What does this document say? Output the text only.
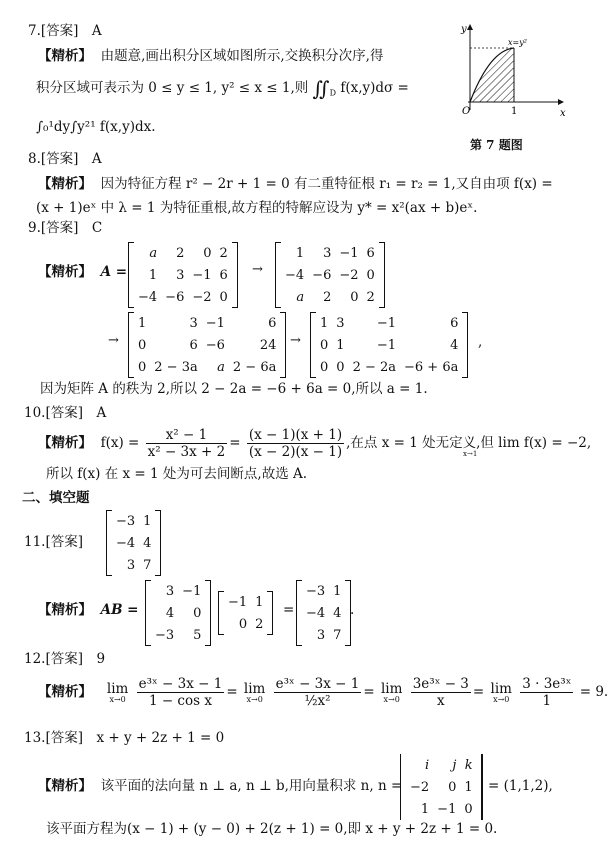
7.[答案]　A
【精析】 由题意,画出积分区域如图所示,交换积分次序,得
积分区域可表示为 0 ≤ y ≤ 1, y² ≤ x ≤ 1,则 $∬_D$ f(x,y)dσ =
∫₀¹dy∫y²¹ f(x,y)dx.
y
x
O	1
x=y²
第 7 题图
8.[答案]　A
【精析】 因为特征方程 r² − 2r + 1 = 0 有二重特征根 r₁ = r₂ = 1,又自由项 f(x) =
(x + 1)eˣ 中 λ = 1 为特征重根,故方程的特解应设为 y* = x²(ax + b)eˣ.
9.[答案]　C
【精析】 A =
a	2	0	2
1	3	−1	6
−4	−6	−2	0
→
1	3	−1	6
−4	−6	−2	0
a	2	0	2
→
1	3	−1	6
0	6	−6	24
0	2 − 3a	a	2 − 6a
→
1	3	−1	6
0	1	−1	4
0	0	2 − 2a	−6 + 6a
,
因为矩阵 A 的秩为 2,所以 2 − 2a = −6 + 6a = 0,所以 a = 1.
10.[答案]　A
【精析】 $f(x) = \frac{\text{x² − 1}}{\text{x² − 3x + 2}} = \frac{(x - 1)(x + 1)}{(x - 2)(x - 1)}$ ,在点 x = 1 处无定义,但 lim f(x) = −2,
x→1
所以 f(x) 在 x = 1 处为可去间断点,故选 A.
二、填空题
11.[答案]
−3	1
−4	4
3	7
【精析】 AB =
3	−1
4	0
−3	5
−1	1
0	2
=
−3	1
−4	4
3	7
.
12.[答案]　9
【精析】 lim
x→0
$\frac{\text{e³ˣ − 3x − 1}}{\text{1 − cos x}} = \lim$
x→0
$\frac{\text{e³ˣ − 3x − 1}}{\text{½x²}} = \lim$
x→0
$\frac{\text{3e³ˣ − 3}}{x} = \lim$
x→0
$\frac{\text{3 · 3e³ˣ}}{1} = 9$.
13.[答案]　x + y + 2z + 1 = 0
【精析】 该平面的法向量 n ⊥ a, n ⊥ b,用向量积求 n, n =
i	j	k
−2	0	1
1	−1	0
= (1,1,2),
该平面方程为(x − 1) + (y − 0) + 2(z + 1) = 0,即 x + y + 2z + 1 = 0.
